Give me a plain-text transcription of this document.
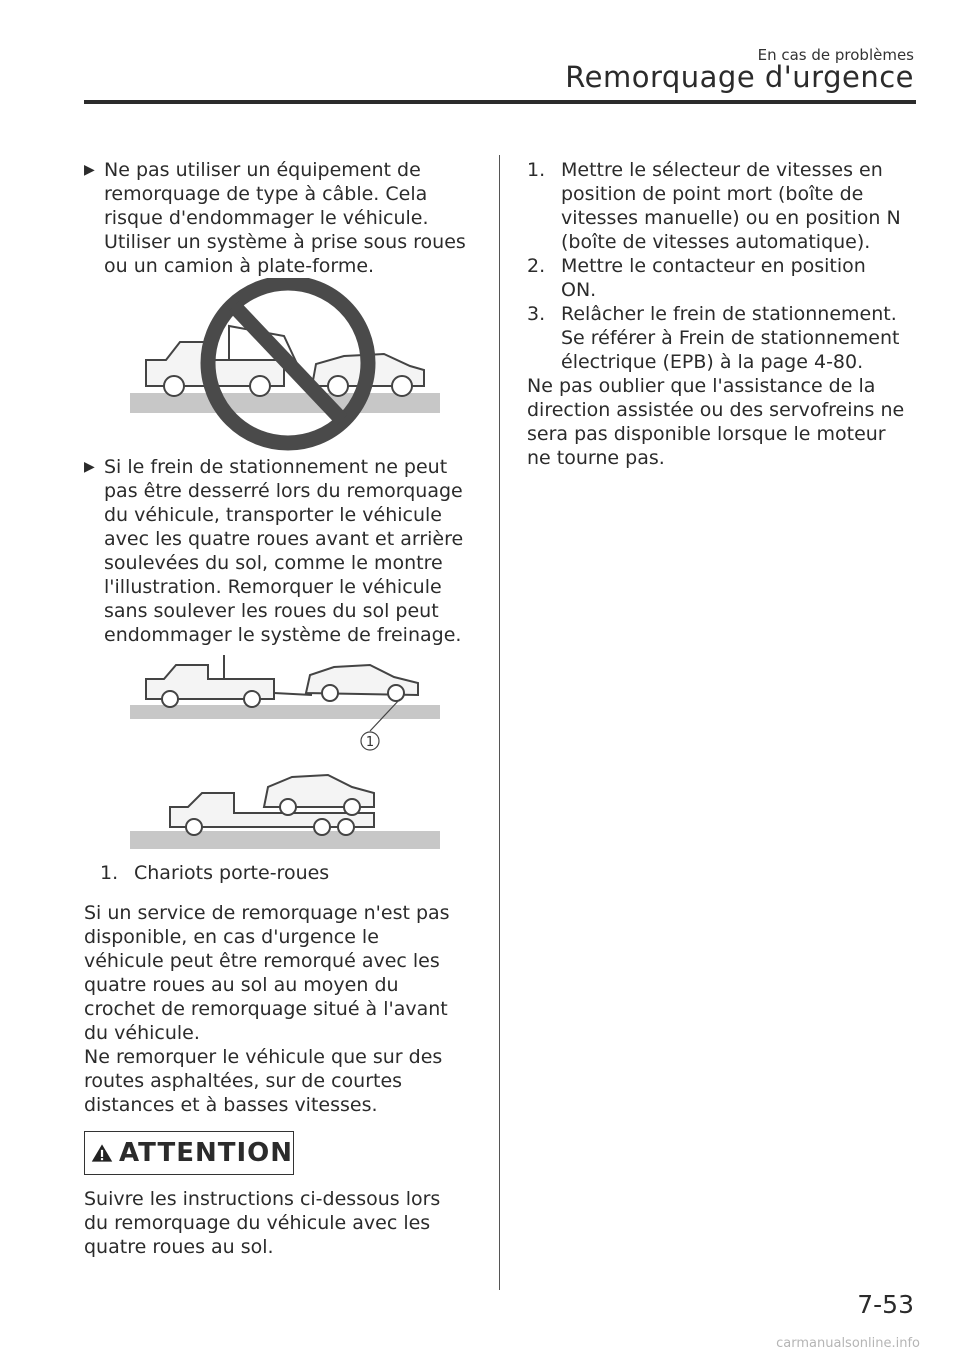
En cas de problèmes
Remorquage d'urgence
▶ Ne pas utiliser un équipement de

remorquage de type à câble. Cela

risque d'endommager le véhicule.

Utiliser un système à prise sous roues

ou un camion à plate-forme.

▶ Si le frein de stationnement ne peut

pas être desserré lors du remorquage

du véhicule, transporter le véhicule

avec les quatre roues avant et arrière

soulevées du sol, comme le montre

l'illustration. Remorquer le véhicule

sans soulever les roues du sol peut

endommager le système de freinage.

1
1. Chariots porte-roues

Si un service de remorquage n'est pas

disponible, en cas d'urgence le

véhicule peut être remorqué avec les

quatre roues au sol au moyen du

crochet de remorquage situé à l'avant

du véhicule.

Ne remorquer le véhicule que sur des

routes asphaltées, sur de courtes

distances et à basses vitesses.

ATTENTION

Suivre les instructions ci-dessous lors

du remorquage du véhicule avec les

quatre roues au sol.

1. Mettre le sélecteur de vitesses en

position de point mort (boîte de

vitesses manuelle) ou en position N

(boîte de vitesses automatique).

2. Mettre le contacteur en position

ON.

3. Relâcher le frein de stationnement.

Se référer à Frein de stationnement

électrique (EPB) à la page 4-80.

Ne pas oublier que l'assistance de la

direction assistée ou des servofreins ne

sera pas disponible lorsque le moteur

ne tourne pas.

7-53
carmanualsonline.info
